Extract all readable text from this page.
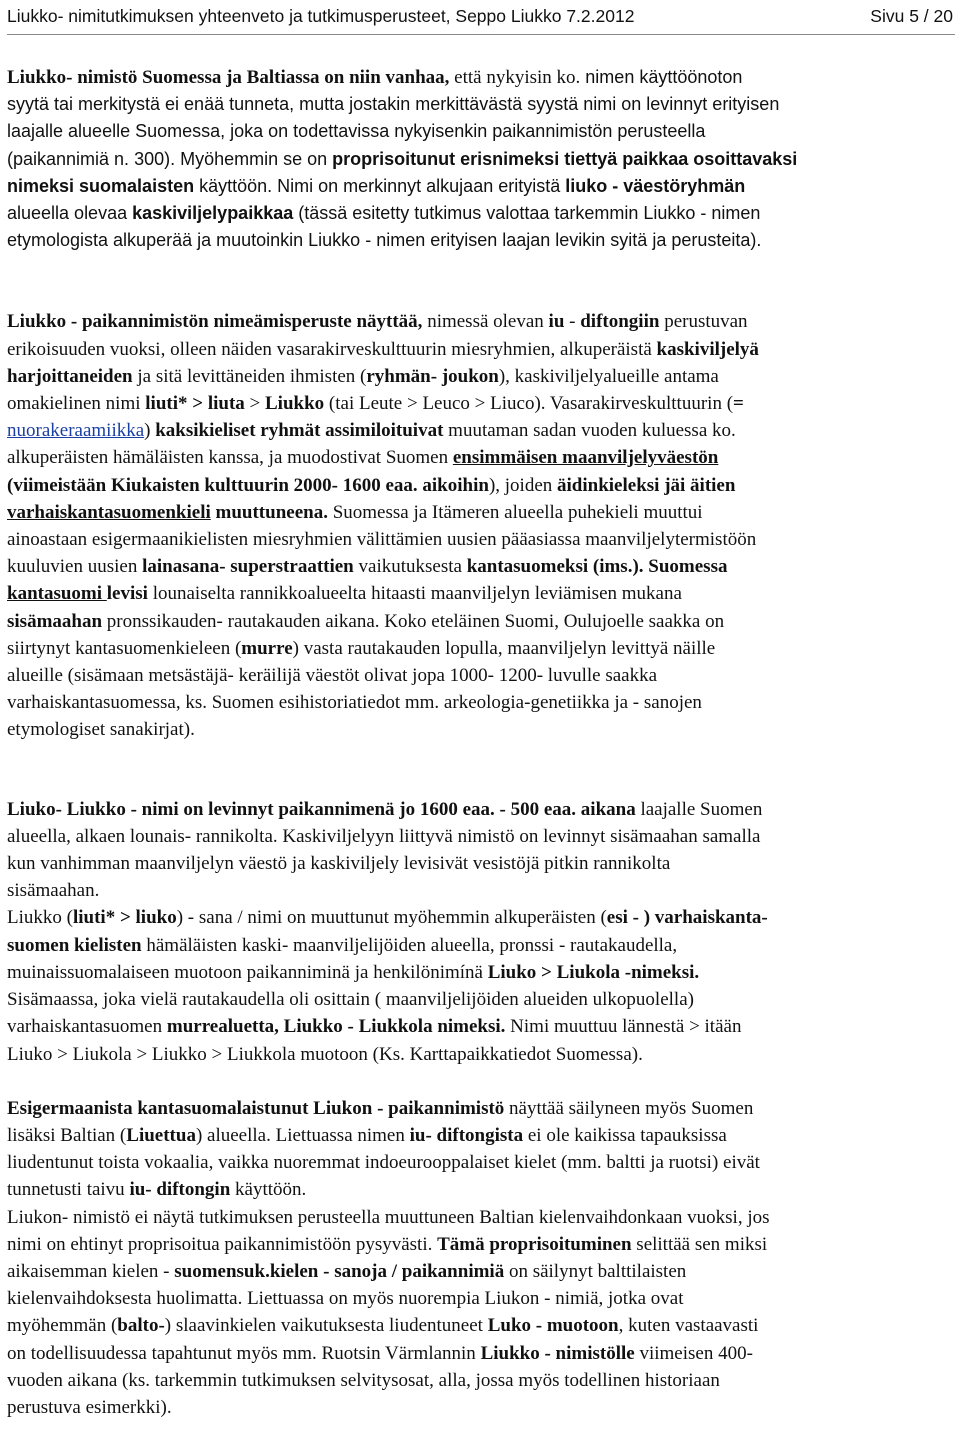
Liukko- nimitutkimuksen yhteenveto ja tutkimusperusteet, Seppo Liukko 7.2.2012	Sivu 5 / 20
Liukko- nimistö Suomessa ja Baltiassa on niin vanhaa, että nykyisin ko. nimen käyttöönoton
syytä tai merkitystä ei enää tunneta, mutta jostakin merkittävästä syystä nimi on levinnyt erityisen
laajalle alueelle Suomessa, joka on todettavissa nykyisenkin paikannimistön perusteella
(paikannimiä n. 300). Myöhemmin se on proprisoitunut erisnimeksi tiettyä paikkaa osoittavaksi
nimeksi suomalaisten käyttöön. Nimi on merkinnyt alkujaan erityistä liuko - väestöryhmän
alueella olevaa kaskiviljelypaikkaa (tässä esitetty tutkimus valottaa tarkemmin Liukko - nimen
etymologista alkuperää ja muutoinkin Liukko - nimen erityisen laajan levikin syitä ja perusteita).
Liukko - paikannimistön nimeämisperuste näyttää, nimessä olevan iu - diftongiin perustuvan
erikoisuuden vuoksi, olleen näiden vasarakirveskulttuurin miesryhmien, alkuperäistä kaskiviljelyä
harjoittaneiden ja sitä levittäneiden ihmisten (ryhmän- joukon), kaskiviljelyalueille antama
omakielinen nimi liuti* > liuta > Liukko (tai Leute > Leuco > Liuco). Vasarakirveskulttuurin (=
nuorakeraamiikka) kaksikieliset ryhmät assimiloituivat muutaman sadan vuoden kuluessa ko.
alkuperäisten hämäläisten kanssa, ja muodostivat Suomen ensimmäisen maanviljelyväestön
(viimeistään Kiukaisten kulttuurin 2000- 1600 eaa. aikoihin), joiden äidinkieleksi jäi äitien
varhaiskantasuomenkieli muuttuneena. Suomessa ja Itämeren alueella puhekieli muuttui
ainoastaan esigermaanikielisten miesryhmien välittämien uusien pääasiassa maanviljelytermistöön
kuuluvien uusien lainasana- superstraattien vaikutuksesta kantasuomeksi (ims.). Suomessa
kantasuomi levisi lounaiselta rannikkoalueelta hitaasti maanviljelyn leviämisen mukana
sisämaahan pronssikauden- rautakauden aikana. Koko eteläinen Suomi, Oulujoelle saakka on
siirtynyt kantasuomenkieleen (murre) vasta rautakauden lopulla, maanviljelyn levittyä näille
alueille (sisämaan metsästäjä- keräilijä väestöt olivat jopa 1000- 1200- luvulle saakka
varhaiskantasuomessa, ks. Suomen esihistoriatiedot mm. arkeologia-genetiikka ja - sanojen
etymologiset sanakirjat).
Liuko- Liukko - nimi on levinnyt paikannimenä jo 1600 eaa. - 500 eaa. aikana laajalle Suomen
alueella, alkaen lounais- rannikolta. Kaskiviljelyyn liittyvä nimistö on levinnyt sisämaahan samalla
kun vanhimman maanviljelyn väestö ja kaskiviljely levisivät vesistöjä pitkin rannikolta
sisämaahan.
Liukko (liuti* > liuko) - sana / nimi on muuttunut myöhemmin alkuperäisten (esi - ) varhaiskanta-
suomen kielisten hämäläisten kaski- maanviljelijöiden alueella, pronssi - rautakaudella,
muinaissuomalaiseen muotoon paikanniminä ja henkilönimínä Liuko > Liukola -nimeksi.
Sisämaassa, joka vielä rautakaudella oli osittain ( maanviljelijöiden alueiden ulkopuolella)
varhaiskantasuomen murrealuetta, Liukko - Liukkola nimeksi. Nimi muuttuu lännestä > itään
Liuko > Liukola > Liukko > Liukkola muotoon (Ks. Karttapaikkatiedot Suomessa).
Esigermaanista kantasuomalaistunut Liukon - paikannimistö näyttää säilyneen myös Suomen
lisäksi Baltian (Liuettua) alueella. Liettuassa nimen iu- diftongista ei ole kaikissa tapauksissa
liudentunut toista vokaalia, vaikka nuoremmat indoeurooppalaiset kielet (mm. baltti ja ruotsi) eivät
tunnetusti taivu iu- diftongin käyttöön.
Liukon- nimistö ei näytä tutkimuksen perusteella muuttuneen Baltian kielenvaihdonkaan vuoksi, jos
nimi on ehtinyt proprisoitua paikannimistöön pysyvästi. Tämä proprisoituminen selittää sen miksi
aikaisemman kielen - suomensuk.kielen - sanoja / paikannimiä on säilynyt balttilaisten
kielenvaihdoksesta huolimatta. Liettuassa on myös nuorempia Liukon - nimiä, jotka ovat
myöhemmän (balto-) slaavinkielen vaikutuksesta liudentuneet Luko - muotoon, kuten vastaavasti
on todellisuudessa tapahtunut myös mm. Ruotsin Värmlannin Liukko - nimistölle viimeisen 400-
vuoden aikana (ks. tarkemmin tutkimuksen selvitysosat, alla, jossa myös todellinen historiaan
perustuva esimerkki).
